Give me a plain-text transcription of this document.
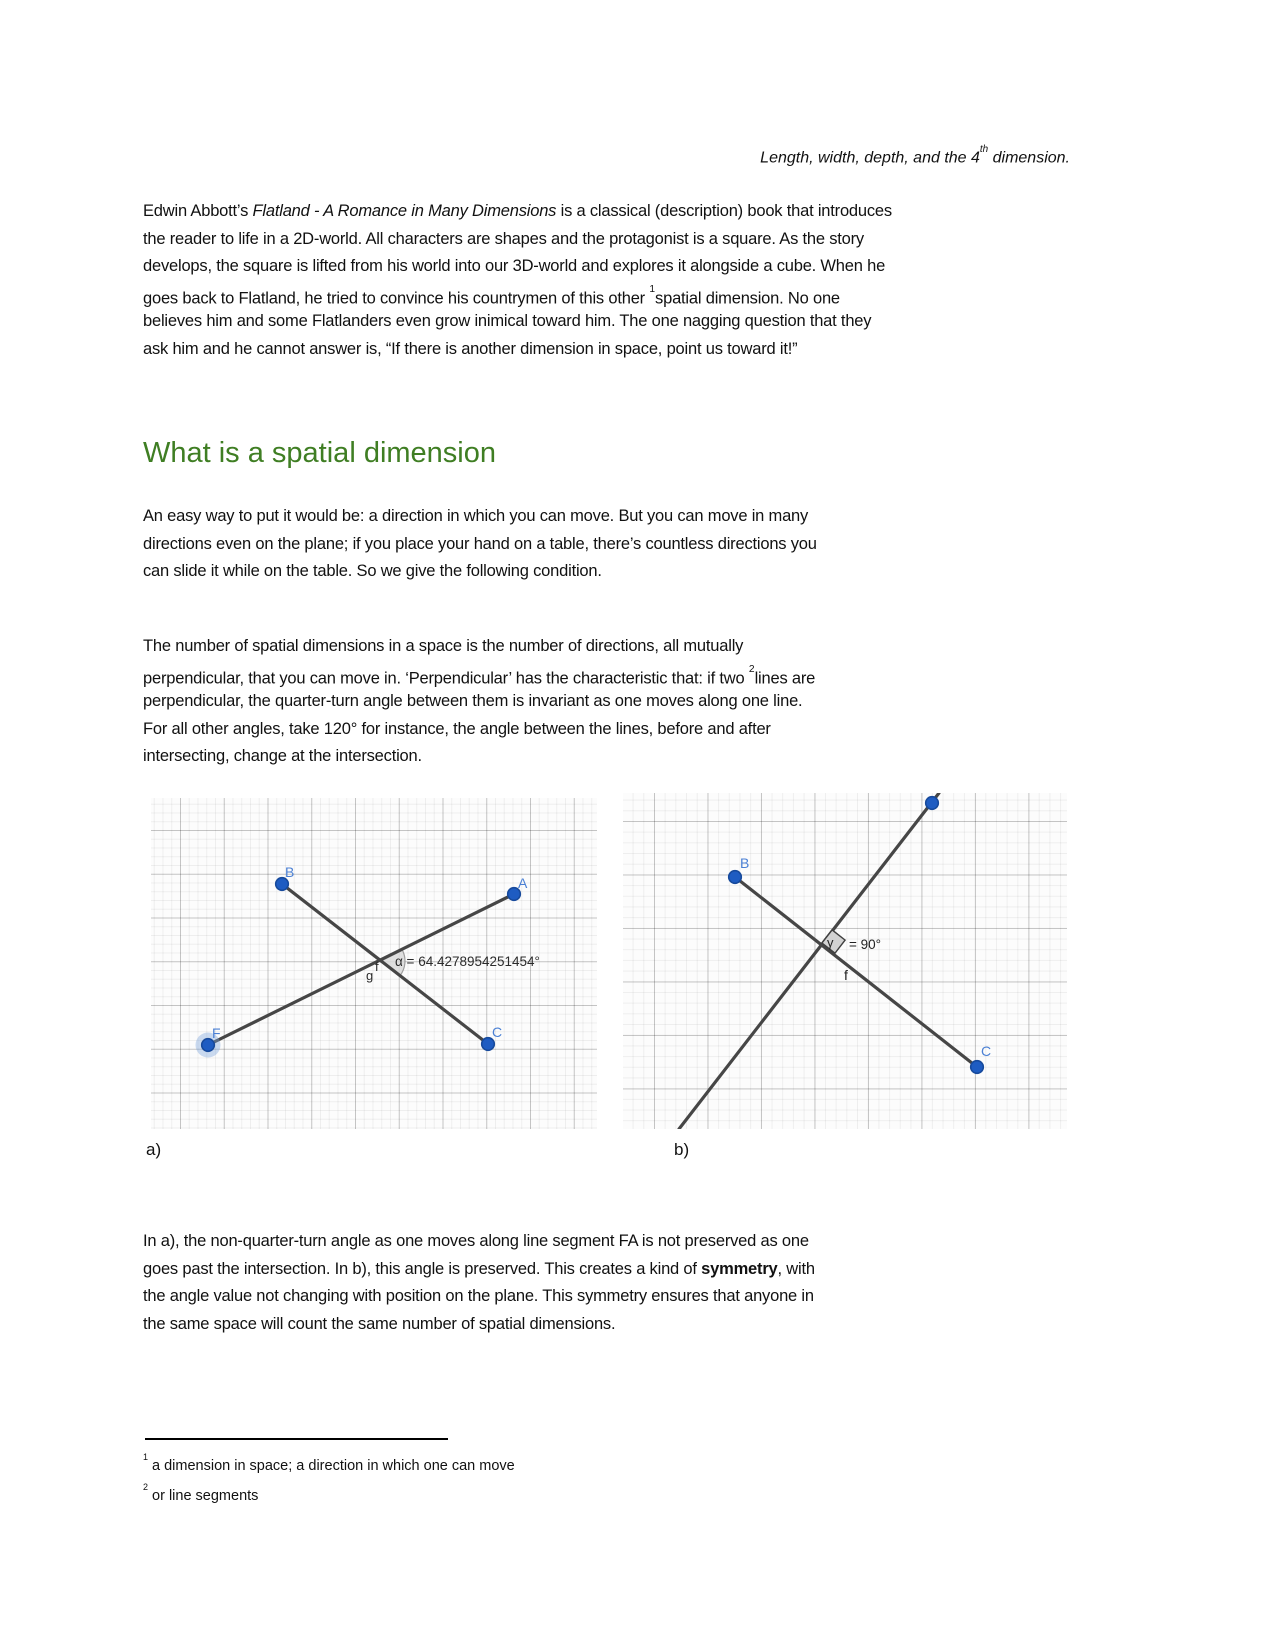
Length, width, depth, and the 4th dimension.
Edwin Abbott’s Flatland - A Romance in Many Dimensions is a classical (description) book that introduces
the reader to life in a 2D-world. All characters are shapes and the protagonist is a square. As the story
develops, the square is lifted from his world into our 3D-world and explores it alongside a cube. When he
goes back to Flatland, he tried to convince his countrymen of this other $^1$spatial dimension. No one
believes him and some Flatlanders even grow inimical toward him. The one nagging question that they
ask him and he cannot answer is, “If there is another dimension in space, point us toward it!”
What is a spatial dimension
An easy way to put it would be: a direction in which you can move. But you can move in many
directions even on the plane; if you place your hand on a table, there’s countless directions you
can slide it while on the table. So we give the following condition.
The number of spatial dimensions in a space is the number of directions, all mutually
perpendicular, that you can move in. ‘Perpendicular’ has the characteristic that: if two $^2$lines are
perpendicular, the quarter-turn angle between them is invariant as one moves along one line.
For all other angles, take 120° for instance, the angle between the lines, before and after
intersecting, change at the intersection.
B
A
F	C
α = 64.4278954251454°
f
g
B
C
γ = 90°
f
a)	b)
In a), the non-quarter-turn angle as one moves along line segment FA is not preserved as one
goes past the intersection. In b), this angle is preserved. This creates a kind of symmetry, with
the angle value not changing with position on the plane. This symmetry ensures that anyone in
the same space will count the same number of spatial dimensions.
$^1$ a dimension in space; a direction in which one can move
$^2$ or line segments
